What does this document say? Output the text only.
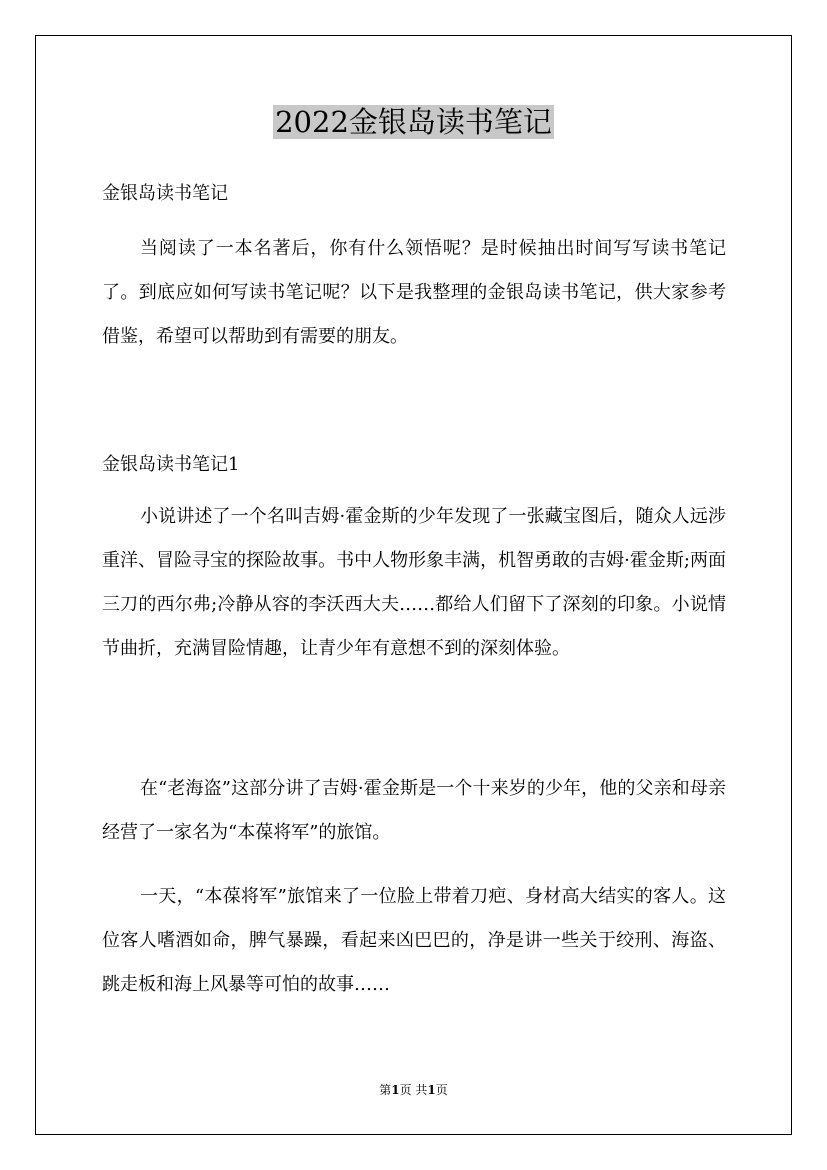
2022金银岛读书笔记
金银岛读书笔记
当阅读了一本名著后，你有什么领悟呢？是时候抽出时间写写读书笔记了。到底应如何写读书笔记呢？以下是我整理的金银岛读书笔记，供大家参考借鉴，希望可以帮助到有需要的朋友。
金银岛读书笔记1
小说讲述了一个名叫吉姆·霍金斯的少年发现了一张藏宝图后，随众人远涉重洋、冒险寻宝的探险故事。书中人物形象丰满，机智勇敢的吉姆·霍金斯;两面三刀的西尔弗;冷静从容的李沃西大夫……都给人们留下了深刻的印象。小说情节曲折，充满冒险情趣，让青少年有意想不到的深刻体验。
在“老海盗”这部分讲了吉姆·霍金斯是一个十来岁的少年，他的父亲和母亲经营了一家名为“本葆将军”的旅馆。
一天，“本葆将军”旅馆来了一位脸上带着刀疤、身材高大结实的客人。这位客人嗜酒如命，脾气暴躁，看起来凶巴巴的，净是讲一些关于绞刑、海盗、跳走板和海上风暴等可怕的故事……
第1页 共1页
